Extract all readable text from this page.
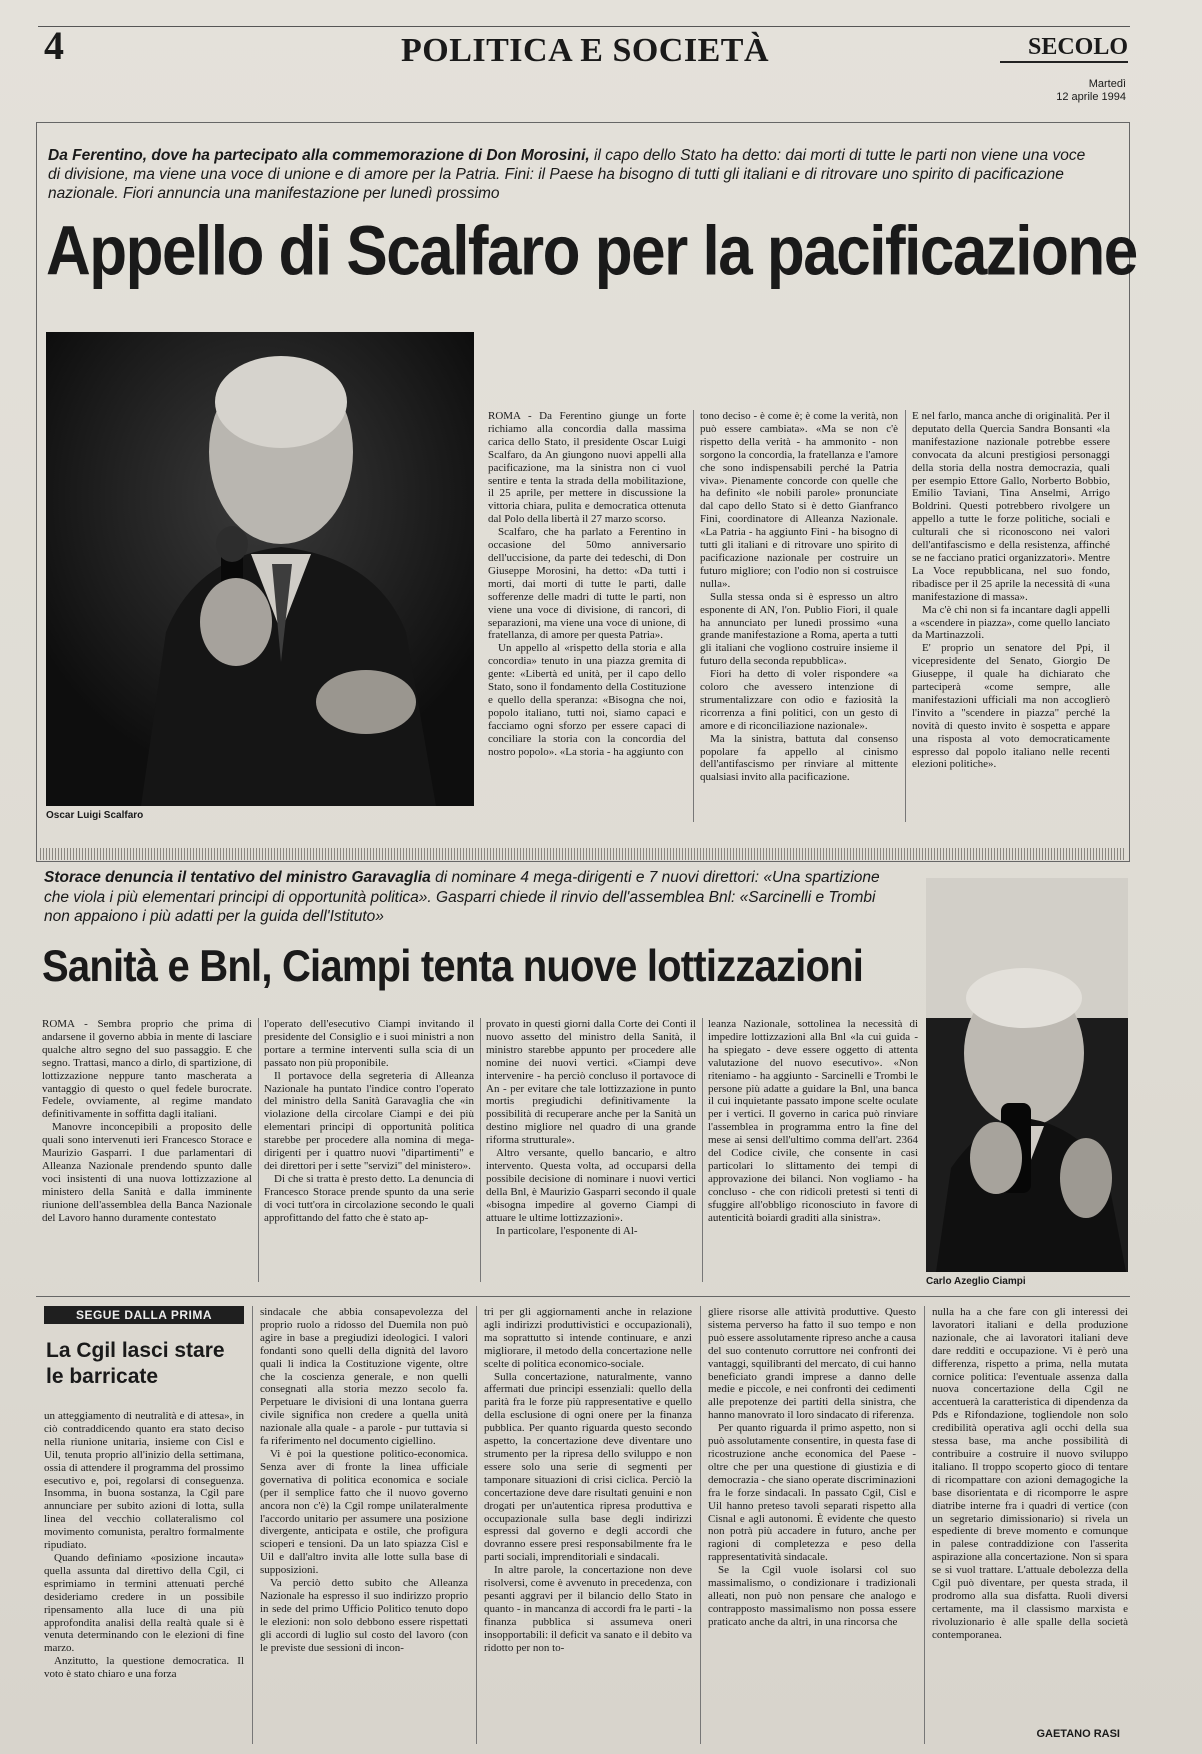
4	POLITICA E SOCIETÀ	SECOLO
Martedì
12 aprile 1994
Da Ferentino, dove ha partecipato alla commemorazione di Don Morosini, il capo dello Stato ha detto: dai morti di tutte le parti non viene una voce di divisione, ma viene una voce di unione e di amore per la Patria. Fini: il Paese ha bisogno di tutti gli italiani e di ritrovare uno spirito di pacificazione nazionale. Fiori annuncia una manifestazione per lunedì prossimo
Appello di Scalfaro per la pacificazione
Oscar Luigi Scalfaro

ROMA - Da Ferentino giunge un forte richiamo alla concordia dalla massima carica dello Stato, il presidente Oscar Luigi Scalfaro, da An giungono nuovi appelli alla pacificazione, ma la sinistra non ci vuol sentire e tenta la strada della mobilitazione, il 25 aprile, per mettere in discussione la vittoria chiara, pulita e democratica ottenuta dal Polo della libertà il 27 marzo scorso.

Scalfaro, che ha parlato a Ferentino in occasione del 50mo anniversario dell'uccisione, da parte dei tedeschi, di Don Giuseppe Morosini, ha detto: «Da tutti i morti, dai morti di tutte le parti, dalle sofferenze delle madri di tutte le parti, non viene una voce di divisione, di rancori, di separazioni, ma viene una voce di unione, di fratellanza, di amore per questa Patria».

Un appello al «rispetto della storia e alla concordia» tenuto in una piazza gremita di gente: «Libertà ed unità, per il capo dello Stato, sono il fondamento della Costituzione e quello della speranza: «Bisogna che noi, popolo italiano, tutti noi, siamo capaci e facciamo ogni sforzo per essere capaci di conciliare la storia con la concordia del nostro popolo». «La storia - ha aggiunto con

tono deciso - è come è; è come la verità, non può essere cambiata». «Ma se non c'è rispetto della verità - ha ammonito - non sorgono la concordia, la fratellanza e l'amore che sono indispensabili perché la Patria viva». Pienamente concorde con quelle che ha definito «le nobili parole» pronunciate dal capo dello Stato si è detto Gianfranco Fini, coordinatore di Alleanza Nazionale. «La Patria - ha aggiunto Fini - ha bisogno di tutti gli italiani e di ritrovare uno spirito di pacificazione nazionale per costruire un futuro migliore; con l'odio non si costruisce nulla».

Sulla stessa onda si è espresso un altro esponente di AN, l'on. Publio Fiori, il quale ha annunciato per lunedì prossimo «una grande manifestazione a Roma, aperta a tutti gli italiani che vogliono costruire insieme il futuro della seconda repubblica».

Fiori ha detto di voler rispondere «a coloro che avessero intenzione di strumentalizzare con odio e faziosità la ricorrenza a fini politici, con un gesto di amore e di riconciliazione nazionale».

Ma la sinistra, battuta dal consenso popolare fa appello al cinismo dell'antifascismo per rinviare al mittente qualsiasi invito alla pacificazione.

E nel farlo, manca anche di originalità. Per il deputato della Quercia Sandra Bonsanti «la manifestazione nazionale potrebbe essere convocata da alcuni prestigiosi personaggi della storia della nostra democrazia, quali per esempio Ettore Gallo, Norberto Bobbio, Emilio Taviani, Tina Anselmi, Arrigo Boldrini. Questi potrebbero rivolgere un appello a tutte le forze politiche, sociali e culturali che si riconoscono nei valori dell'antifascismo e della resistenza, affinché se ne facciano pratici organizzatori». Mentre La Voce repubblicana, nel suo fondo, ribadisce per il 25 aprile la necessità di «una manifestazione di massa».

Ma c'è chi non si fa incantare dagli appelli a «scendere in piazza», come quello lanciato da Martinazzoli.

E' proprio un senatore del Ppi, il vicepresidente del Senato, Giorgio De Giuseppe, il quale ha dichiarato che parteciperà «come sempre, alle manifestazioni ufficiali ma non accoglierò l'invito a "scendere in piazza" perché la novità di questo invito è sospetta e appare una risposta al voto democraticamente espresso dal popolo italiano nelle recenti elezioni politiche».

Storace denuncia il tentativo del ministro Garavaglia di nominare 4 mega-dirigenti e 7 nuovi direttori: «Una spartizione che viola i più elementari principi di opportunità politica». Gasparri chiede il rinvio dell'assemblea Bnl: «Sarcinelli e Trombi non appaiono i più adatti per la guida dell'Istituto»
Sanità e Bnl, Ciampi tenta nuove lottizzazioni
Carlo Azeglio Ciampi

ROMA - Sembra proprio che prima di andarsene il governo abbia in mente di lasciare qualche altro segno del suo passaggio. E che segno. Trattasi, manco a dirlo, di spartizione, di lottizzazione neppure tanto mascherata a vantaggio di questo o quel fedele burocrate. Fedele, ovviamente, al regime mandato definitivamente in soffitta dagli italiani.

Manovre inconcepibili a proposito delle quali sono intervenuti ieri Francesco Storace e Maurizio Gasparri. I due parlamentari di Alleanza Nazionale prendendo spunto dalle voci insistenti di una nuova lottizzazione al ministero della Sanità e dalla imminente riunione dell'assemblea della Banca Nazionale del Lavoro hanno duramente contestato

l'operato dell'esecutivo Ciampi invitando il presidente del Consiglio e i suoi ministri a non portare a termine interventi sulla scia di un passato non più proponibile.

Il portavoce della segreteria di Alleanza Nazionale ha puntato l'indice contro l'operato del ministro della Sanità Garavaglia che «in violazione della circolare Ciampi e dei più elementari principi di opportunità politica starebbe per procedere alla nomina di mega-dirigenti per i quattro nuovi "dipartimenti" e dei direttori per i sette "servizi" del ministero».

Di che si tratta è presto detto. La denuncia di Francesco Storace prende spunto da una serie di voci tutt'ora in circolazione secondo le quali approfittando del fatto che è stato ap-

provato in questi giorni dalla Corte dei Conti il nuovo assetto del ministro della Sanità, il ministro starebbe appunto per procedere alle nomine dei nuovi vertici. «Ciampi deve intervenire - ha perciò concluso il portavoce di An - per evitare che tale lottizzazione in punto mortis pregiudichi definitivamente la possibilità di recuperare anche per la Sanità un destino migliore nel quadro di una grande riforma strutturale».

Altro versante, quello bancario, e altro intervento. Questa volta, ad occuparsi della possibile decisione di nominare i nuovi vertici della Bnl, è Maurizio Gasparri secondo il quale «bisogna impedire al governo Ciampi di attuare le ultime lottizzazioni».

In particolare, l'esponente di Al-

leanza Nazionale, sottolinea la necessità di impedire lottizzazioni alla Bnl «la cui guida - ha spiegato - deve essere oggetto di attenta valutazione del nuovo esecutivo». «Non riteniamo - ha aggiunto - Sarcinelli e Trombi le persone più adatte a guidare la Bnl, una banca il cui inquietante passato impone scelte oculate per i vertici. Il governo in carica può rinviare l'assemblea in programma entro la fine del mese ai sensi dell'ultimo comma dell'art. 2364 del Codice civile, che consente in casi particolari lo slittamento dei tempi di approvazione dei bilanci. Non vogliamo - ha concluso - che con ridicoli pretesti si tenti di sfuggire all'obbligo riconosciuto in favore di autenticità boiardi graditi alla sinistra».

SEGUE DALLA PRIMA
La Cgil lasci stare le barricate

un atteggiamento di neutralità e di attesa», in ciò contraddicendo quanto era stato deciso nella riunione unitaria, insieme con Cisl e Uil, tenuta proprio all'inizio della settimana, ossia di attendere il programma del prossimo esecutivo e, poi, regolarsi di conseguenza. Insomma, in buona sostanza, la Cgil pare annunciare per subito azioni di lotta, sulla linea del vecchio collateralismo col movimento comunista, peraltro formalmente ripudiato.

Quando definiamo «posizione incauta» quella assunta dal direttivo della Cgil, ci esprimiamo in termini attenuati perché desideriamo credere in un possibile ripensamento alla luce di una più approfondita analisi della realtà quale si è venuta determinando con le elezioni di fine marzo.

Anzitutto, la questione democratica. Il voto è stato chiaro e una forza

sindacale che abbia consapevolezza del proprio ruolo a ridosso del Duemila non può agire in base a pregiudizi ideologici. I valori fondanti sono quelli della dignità del lavoro quali li indica la Costituzione vigente, oltre che la coscienza generale, e non quelli consegnati alla storia mezzo secolo fa. Perpetuare le divisioni di una lontana guerra civile significa non credere a quella unità nazionale alla quale - a parole - pur tuttavia si fa riferimento nel documento cigiellino.

Vi è poi la questione politico-economica. Senza aver di fronte la linea ufficiale governativa di politica economica e sociale (per il semplice fatto che il nuovo governo ancora non c'è) la Cgil rompe unilateralmente l'accordo unitario per assumere una posizione divergente, anticipata e ostile, che profigura scioperi e tensioni. Da un lato spiazza Cisl e Uil e dall'altro invita alle lotte sulla base di supposizioni.

Va perciò detto subito che Alleanza Nazionale ha espresso il suo indirizzo proprio in sede del primo Ufficio Politico tenuto dopo le elezioni: non solo debbono essere rispettati gli accordi di luglio sul costo del lavoro (con le previste due sessioni di incon-

tri per gli aggiornamenti anche in relazione agli indirizzi produttivistici e occupazionali), ma soprattutto si intende continuare, e anzi migliorare, il metodo della concertazione nelle scelte di politica economico-sociale.

Sulla concertazione, naturalmente, vanno affermati due principi essenziali: quello della parità fra le forze più rappresentative e quello della esclusione di ogni onere per la finanza pubblica. Per quanto riguarda questo secondo aspetto, la concertazione deve diventare uno strumento per la ripresa dello sviluppo e non essere solo una serie di segmenti per tamponare situazioni di crisi ciclica. Perciò la concertazione deve dare risultati genuini e non drogati per un'autentica ripresa produttiva e occupazionale sulla base degli indirizzi espressi dal governo e degli accordi che dovranno essere presi responsabilmente fra le parti sociali, imprenditoriali e sindacali.

In altre parole, la concertazione non deve risolversi, come è avvenuto in precedenza, con pesanti aggravi per il bilancio dello Stato in quanto - in mancanza di accordi fra le parti - la finanza pubblica si assumeva oneri insopportabili: il deficit va sanato e il debito va ridotto per non to-

gliere risorse alle attività produttive. Questo sistema perverso ha fatto il suo tempo e non può essere assolutamente ripreso anche a causa del suo contenuto corruttore nei confronti dei vantaggi, squilibranti del mercato, di cui hanno beneficiato grandi imprese a danno delle medie e piccole, e nei confronti dei cedimenti alle prepotenze dei partiti della sinistra, che hanno manovrato il loro sindacato di riferenza.

Per quanto riguarda il primo aspetto, non si può assolutamente consentire, in questa fase di ricostruzione anche economica del Paese - oltre che per una questione di giustizia e di democrazia - che siano operate discriminazioni fra le forze sindacali. In passato Cgil, Cisl e Uil hanno preteso tavoli separati rispetto alla Cisnal e agli autonomi. È evidente che questo non potrà più accadere in futuro, anche per ragioni di completezza e peso della rappresentatività sindacale.

Se la Cgil vuole isolarsi col suo massimalismo, o condizionare i tradizionali alleati, non può non pensare che analogo e contrapposto massimalismo non possa essere praticato anche da altri, in una rincorsa che

nulla ha a che fare con gli interessi dei lavoratori italiani e della produzione nazionale, che ai lavoratori italiani deve dare redditi e occupazione. Vi è però una differenza, rispetto a prima, nella mutata cornice politica: l'eventuale assenza dalla nuova concertazione della Cgil ne accentuerà la caratteristica di dipendenza da Pds e Rifondazione, togliendole non solo credibilità operativa agli occhi della sua stessa base, ma anche possibilità di contribuire a costruire il nuovo sviluppo italiano. Il troppo scoperto gioco di tentare di ricompattare con azioni demagogiche la base disorientata e di ricomporre le aspre diatribe interne fra i quadri di vertice (con un segretario dimissionario) si rivela un espediente di breve momento e comunque in palese contraddizione con l'asserita aspirazione alla concertazione. Non si spara se si vuol trattare. L'attuale debolezza della Cgil può diventare, per questa strada, il prodromo alla sua disfatta. Ruoli diversi certamente, ma il classismo marxista e rivoluzionario è alle spalle della società contemporanea.

GAETANO RASI
